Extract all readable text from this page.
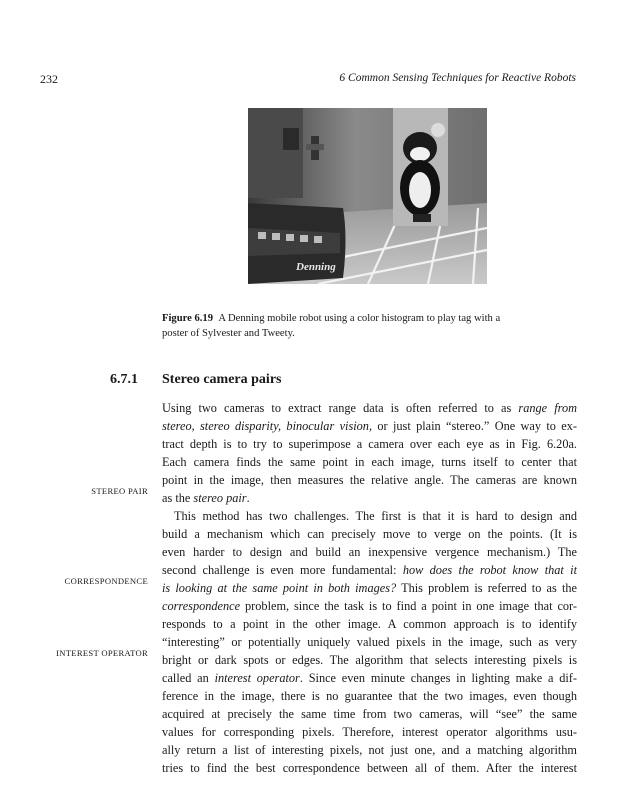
232	6 Common Sensing Techniques for Reactive Robots
Denning
Figure 6.19 A Denning mobile robot using a color histogram to play tag with a
poster of Sylvester and Tweety.
6.7.1 Stereo camera pairs
STEREO PAIR
CORRESPONDENCE
INTEREST OPERATOR
Using two cameras to extract range data is often referred to as range from
stereo, stereo disparity, binocular vision, or just plain “stereo.” One way to ex-
tract depth is to try to superimpose a camera over each eye as in Fig. 6.20a.
Each camera finds the same point in each image, turns itself to center that
point in the image, then measures the relative angle. The cameras are known
as the stereo pair.
This method has two challenges. The first is that it is hard to design and
build a mechanism which can precisely move to verge on the points. (It is
even harder to design and build an inexpensive vergence mechanism.) The
second challenge is even more fundamental: how does the robot know that it
is looking at the same point in both images? This problem is referred to as the
correspondence problem, since the task is to find a point in one image that cor-
responds to a point in the other image. A common approach is to identify
“interesting” or potentially uniquely valued pixels in the image, such as very
bright or dark spots or edges. The algorithm that selects interesting pixels is
called an interest operator. Since even minute changes in lighting make a dif-
ference in the image, there is no guarantee that the two images, even though
acquired at precisely the same time from two cameras, will “see” the same
values for corresponding pixels. Therefore, interest operator algorithms usu-
ally return a list of interesting pixels, not just one, and a matching algorithm
tries to find the best correspondence between all of them. After the interest
